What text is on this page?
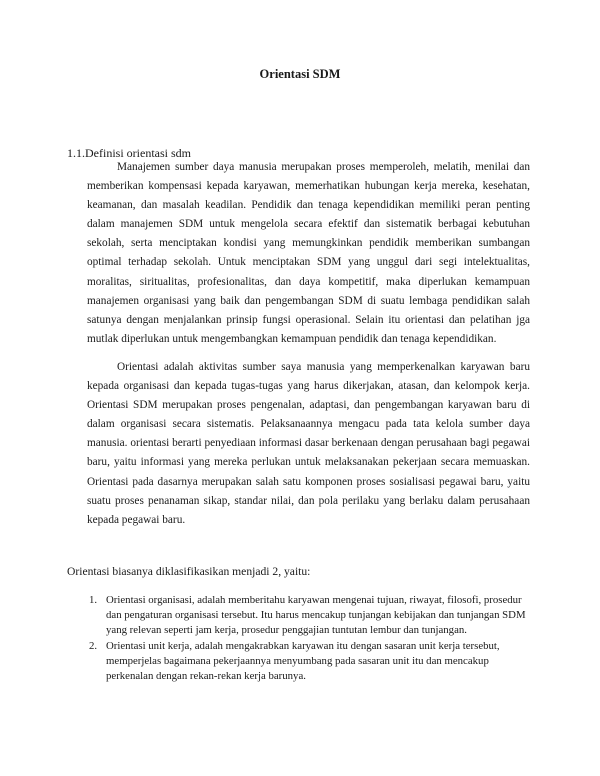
Orientasi SDM
1.1.Definisi orientasi sdm

Manajemen sumber daya manusia merupakan proses memperoleh, melatih, menilai dan memberikan kompensasi kepada karyawan, memerhatikan hubungan kerja mereka, kesehatan, keamanan, dan masalah keadilan. Pendidik dan tenaga kependidikan memiliki peran penting dalam manajemen SDM untuk mengelola secara efektif dan sistematik berbagai kebutuhan sekolah, serta menciptakan kondisi yang memungkinkan pendidik memberikan sumbangan optimal terhadap sekolah. Untuk menciptakan SDM yang unggul dari segi intelektualitas, moralitas, siritualitas, profesionalitas, dan daya kompetitif, maka diperlukan kemampuan manajemen organisasi yang baik dan pengembangan SDM di suatu lembaga pendidikan salah satunya dengan menjalankan prinsip fungsi operasional. Selain itu orientasi dan pelatihan jga mutlak diperlukan untuk mengembangkan kemampuan pendidik dan tenaga kependidikan.

Orientasi adalah aktivitas sumber saya manusia yang memperkenalkan karyawan baru kepada organisasi dan kepada tugas-tugas yang harus dikerjakan, atasan, dan kelompok kerja. Orientasi SDM merupakan proses pengenalan, adaptasi, dan pengembangan karyawan baru di dalam organisasi secara sistematis. Pelaksanaannya mengacu pada tata kelola sumber daya manusia. orientasi berarti penyediaan informasi dasar berkenaan dengan perusahaan bagi pegawai baru, yaitu informasi yang mereka perlukan untuk melaksanakan pekerjaan secara memuaskan. Orientasi pada dasarnya merupakan salah satu komponen proses sosialisasi pegawai baru, yaitu suatu proses penanaman sikap, standar nilai, dan pola perilaku yang berlaku dalam perusahaan kepada pegawai baru.

Orientasi biasanya diklasifikasikan menjadi 2, yaitu:
1. Orientasi organisasi, adalah memberitahu karyawan mengenai tujuan, riwayat, filosofi, prosedur dan pengaturan organisasi tersebut. Itu harus mencakup tunjangan kebijakan dan tunjangan SDM yang relevan seperti jam kerja, prosedur penggajian tuntutan lembur dan tunjangan.
2. Orientasi unit kerja, adalah mengakrabkan karyawan itu dengan sasaran unit kerja tersebut, memperjelas bagaimana pekerjaannya menyumbang pada sasaran unit itu dan mencakup perkenalan dengan rekan-rekan kerja barunya.
